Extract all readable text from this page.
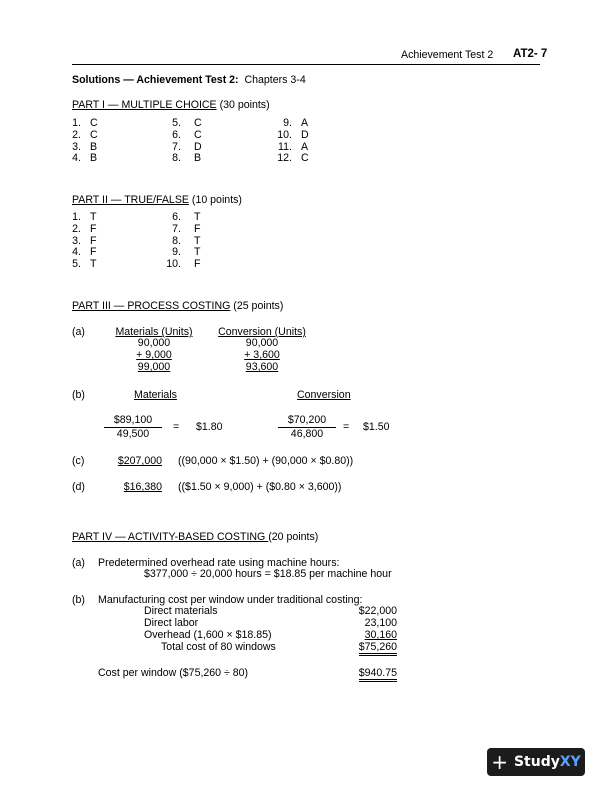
Achievement Test 2 AT2- 7
Solutions — Achievement Test 2: Chapters 3-4
PART I — MULTIPLE CHOICE (30 points)
1. C
2. C
3. B
4. B
5. C
6. C
7. D
8. B
9. A
10. D
11. A
12. C
PART II — TRUE/FALSE (10 points)
1. T
2. F
3. F
4. F
5. T
6. T
7. F
8. T
9. T
10. F
PART III — PROCESS COSTING (25 points)
(a)	Materials (Units)
90,000
+ 9,000
99,000
Conversion (Units)
90,000
+ 3,600
93,600
(b)	Materials	Conversion
$89,100
49,500
= $1.80
$70,200
46,800
= $1.50
(c)	$207,000 ((90,000 × $1.50) + (90,000 × $0.80))
(d)	$16,380 (($1.50 × 9,000) + ($0.80 × 3,600))
PART IV — ACTIVITY-BASED COSTING (20 points)
(a) Predetermined overhead rate using machine hours:
$377,000 ÷ 20,000 hours = $18.85 per machine hour
(b) Manufacturing cost per window under traditional costing:
Direct materials	$22,000
Direct labor	23,100
Overhead (1,600 × $18.85)	30,160
Total cost of 80 windows	$75,260
Cost per window ($75,260 ÷ 80)	$940.75
+ Study XY
